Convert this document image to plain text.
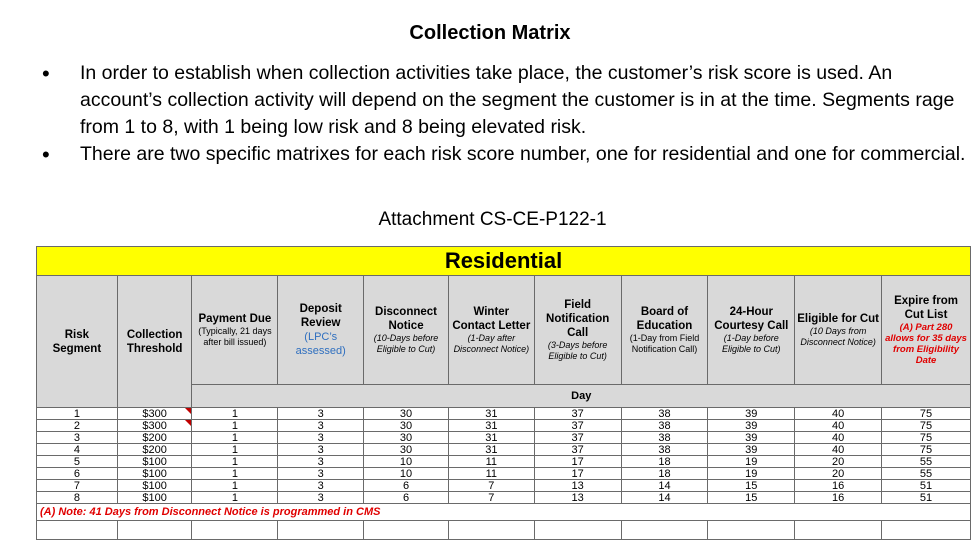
Collection Matrix
• In order to establish when collection activities take place, the customer’s risk score is used. An account’s collection activity will depend on the segment the customer is in at the time. Segments rage from 1 to 8, with 1 being low risk and 8 being elevated risk.
• There are two specific matrixes for each risk score number, one for residential and one for commercial.
Attachment CS-CE-P122-1
Residential										

Risk Segment	Collection Threshold	Payment Due
(Typically, 21 days after bill issued)	Deposit Review
(LPC’s assessed)	Disconnect Notice
(10-Days before Eligible to Cut)	Winter Contact Letter
(1-Day after Disconnect Notice)	Field Notification Call
(3-Days before Eligible to Cut)	Board of Education
(1-Day from Field Notification Call)	24-Hour Courtesy Call
(1-Day before Eligible to Cut)	Eligible for Cut
(10 Days from Disconnect Notice)	Expire from Cut List
(A) Part 280 allows for 35 days from Eligibility Date

		Day								
1	$300	1	3	30	31	37	38	39	40	75
2	$300	1	3	30	31	37	38	39	40	75
3	$200	1	3	30	31	37	38	39	40	75
4	$200	1	3	30	31	37	38	39	40	75
5	$100	1	3	10	11	17	18	19	20	55
6	$100	1	3	10	11	17	18	19	20	55
7	$100	1	3	6	7	13	14	15	16	51
8	$100	1	3	6	7	13	14	15	16	51
(A) Note: 41 Days from Disconnect Notice is programmed in CMS										
